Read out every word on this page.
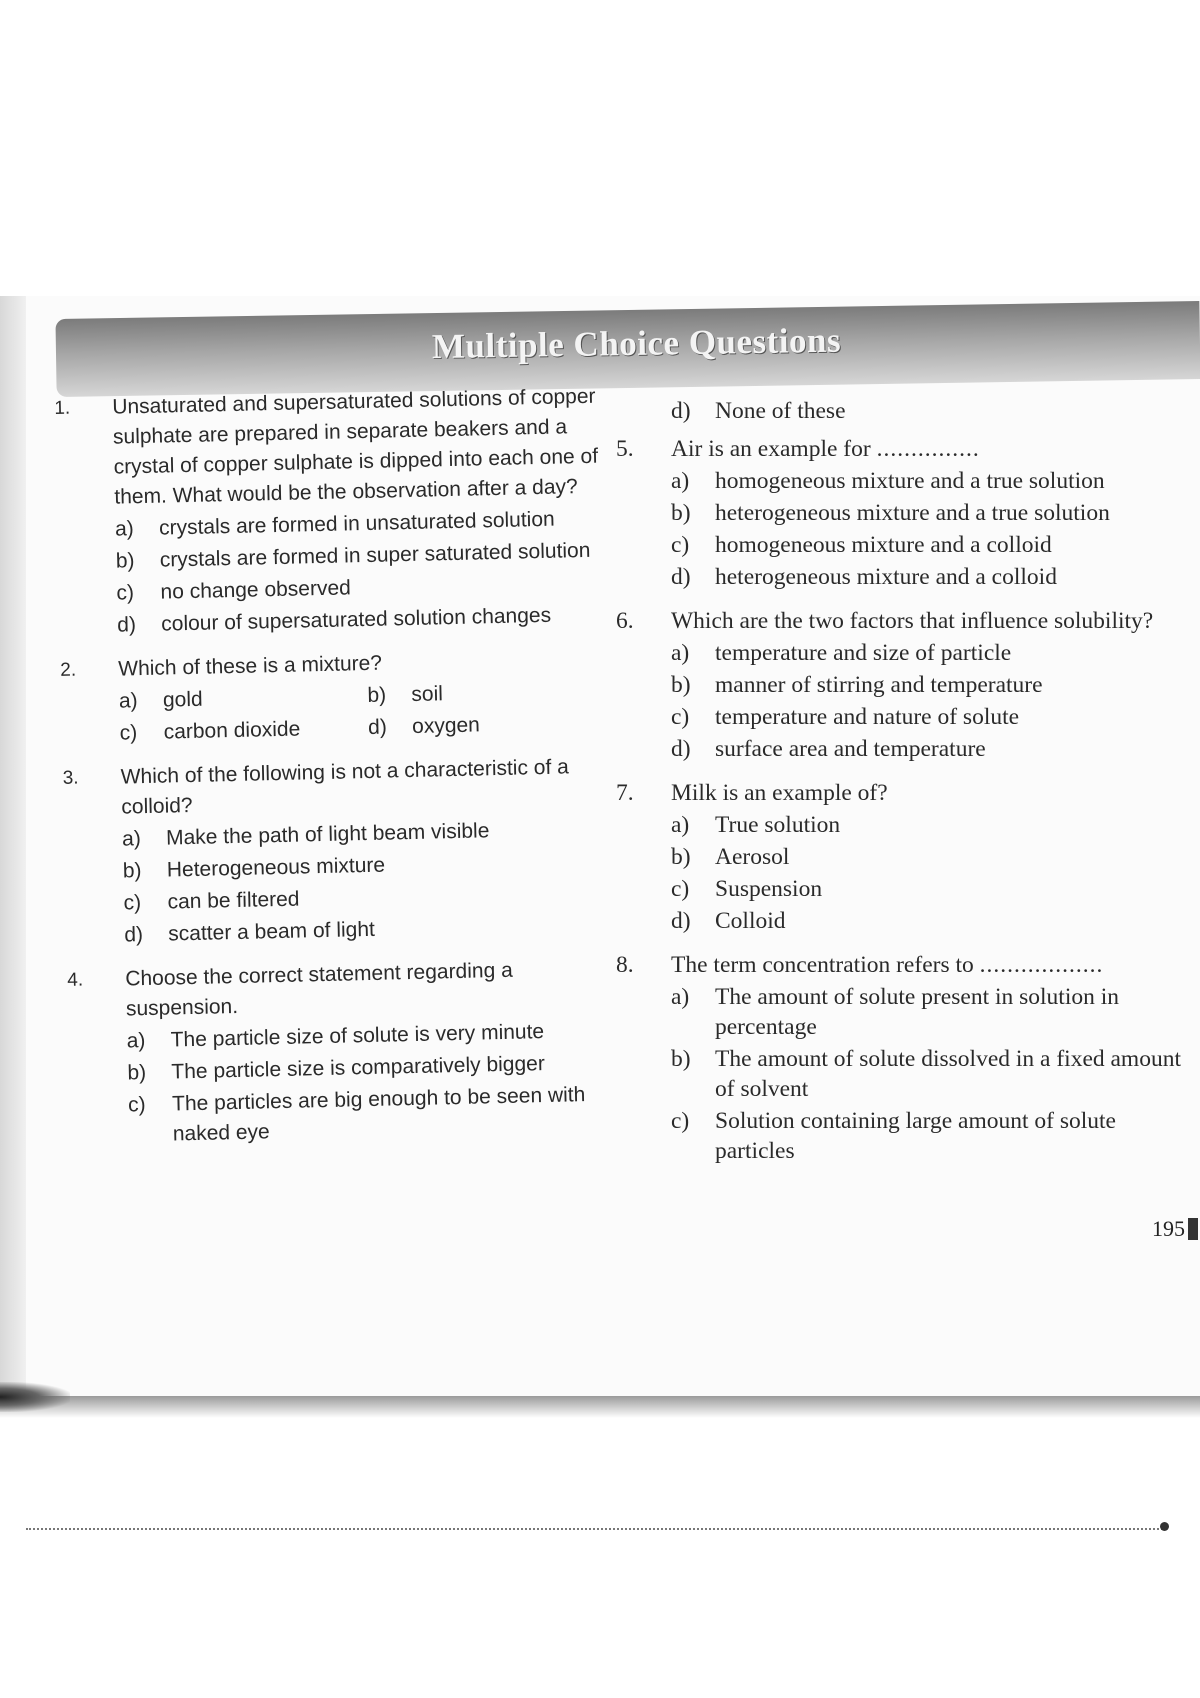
Multiple Choice Questions
1.	Unsaturated and supersaturated solutions of copper sulphate are prepared in separate beakers and a crystal of copper sulphate is dipped into each one of them. What would be the observation after a day?
a) crystals are formed in unsaturated solution
b) crystals are formed in super saturated solution
c) no change observed
d) colour of supersaturated solution changes
2.	Which of these is a mixture?
a) gold	b) soil
c) carbon dioxide	d) oxygen
3.	Which of the following is not a characteristic of a colloid?
a) Make the path of light beam visible
b) Heterogeneous mixture
c) can be filtered
d) scatter a beam of light
4.	Choose the correct statement regarding a suspension.
a) The particle size of solute is very minute
b) The particle size is comparatively bigger
c) The particles are big enough to be seen with naked eye
d) None of these
5.	Air is an example for ...............
a) homogeneous mixture and a true solution
b) heterogeneous mixture and a true solution
c) homogeneous mixture and a colloid
d) heterogeneous mixture and a colloid
6.	Which are the two factors that influence solubility?
a) temperature and size of particle
b) manner of stirring and temperature
c) temperature and nature of solute
d) surface area and temperature
7.	Milk is an example of?
a) True solution
b) Aerosol
c) Suspension
d) Colloid
8.	The term concentration refers to ..................
a) The amount of solute present in solution in percentage
b) The amount of solute dissolved in a fixed amount of solvent
c) Solution containing large amount of solute particles
195
